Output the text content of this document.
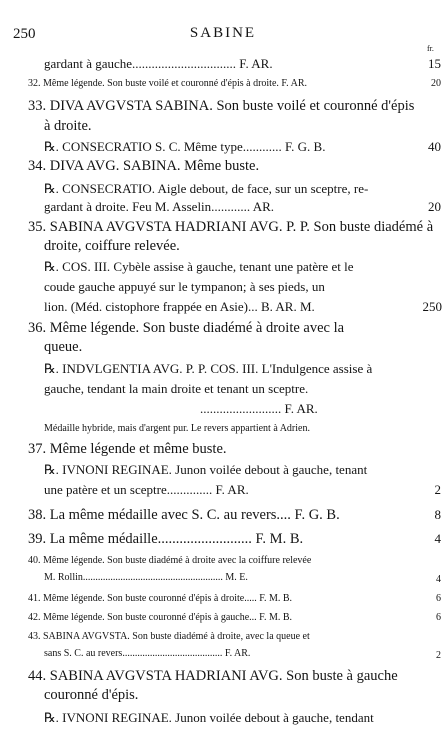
250	SABINE
fr.
gardant à gauche................................ F. AR.	15
32. Même légende. Son buste voilé et couronné d'épis à droite. F. AR.	20
33. DIVA AVGVSTA SABINA. Son buste voilé et couronné d'épis
à droite.
℞. CONSECRATIO S. C. Même type............ F. G. B.	40
34. DIVA AVG. SABINA. Même buste.
℞. CONSECRATIO. Aigle debout, de face, sur un sceptre, re-
gardant à droite. Feu M. Asselin............ AR.	20
35. SABINA AVGVSTA HADRIANI AVG. P. P. Son buste diadémé à
droite, coiffure relevée.
℞. COS. III. Cybèle assise à gauche, tenant une patère et le
coude gauche appuyé sur le tympanon; à ses pieds, un
lion. (Méd. cistophore frappée en Asie)... B. AR. M.	250
36. Même légende. Son buste diadémé à droite avec la
queue.
℞. INDVLGENTIA AVG. P. P. COS. III. L'Indulgence assise à
gauche, tendant la main droite et tenant un sceptre.
......................... F. AR.
Médaille hybride, mais d'argent pur. Le revers appartient à Adrien.
37. Même légende et même buste.
℞. IVNONI REGINAE. Junon voilée debout à gauche, tenant
une patère et un sceptre.............. F. AR.	2
38. La même médaille avec S. C. au revers.... F. G. B.	8
39. La même médaille.......................... F. M. B.	4
40. Même légende. Son buste diadémé à droite avec la coiffure relevée
M. Rollin........................................................ M. E.	4
41. Même légende. Son buste couronné d'épis à droite..... F. M. B.	6
42. Même légende. Son buste couronné d'épis à gauche... F. M. B.	6
43. SABINA AVGVSTA. Son buste diadémé à droite, avec la queue et
sans S. C. au revers........................................ F. AR.	2
44. SABINA AVGVSTA HADRIANI AVG. Son buste à gauche
couronné d'épis.
℞. IVNONI REGINAE. Junon voilée debout à gauche, tendant
